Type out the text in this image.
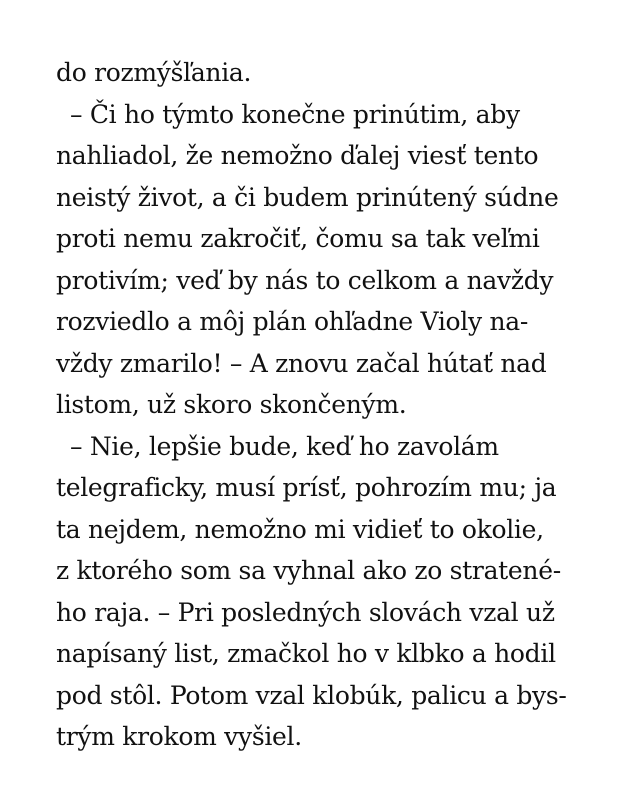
do rozmýšľania.
– Či ho týmto konečne prinútim, aby
nahliadol, že nemožno ďalej viesť tento
neistý život, a či budem prinútený súdne
proti nemu zakročiť, čomu sa tak veľmi
protivím; veď by nás to celkom a navždy
rozviedlo a môj plán ohľadne Violy na-
vždy zmarilo! – A znovu začal hútať nad
listom, už skoro skončeným.
– Nie, lepšie bude, keď ho zavolám
telegraficky, musí prísť, pohrozím mu; ja
ta nejdem, nemožno mi vidieť to okolie,
z ktorého som sa vyhnal ako zo stratené-
ho raja. – Pri posledných slovách vzal už
napísaný list, zmačkol ho v klbko a hodil
pod stôl. Potom vzal klobúk, palicu a bys-
trým krokom vyšiel.
